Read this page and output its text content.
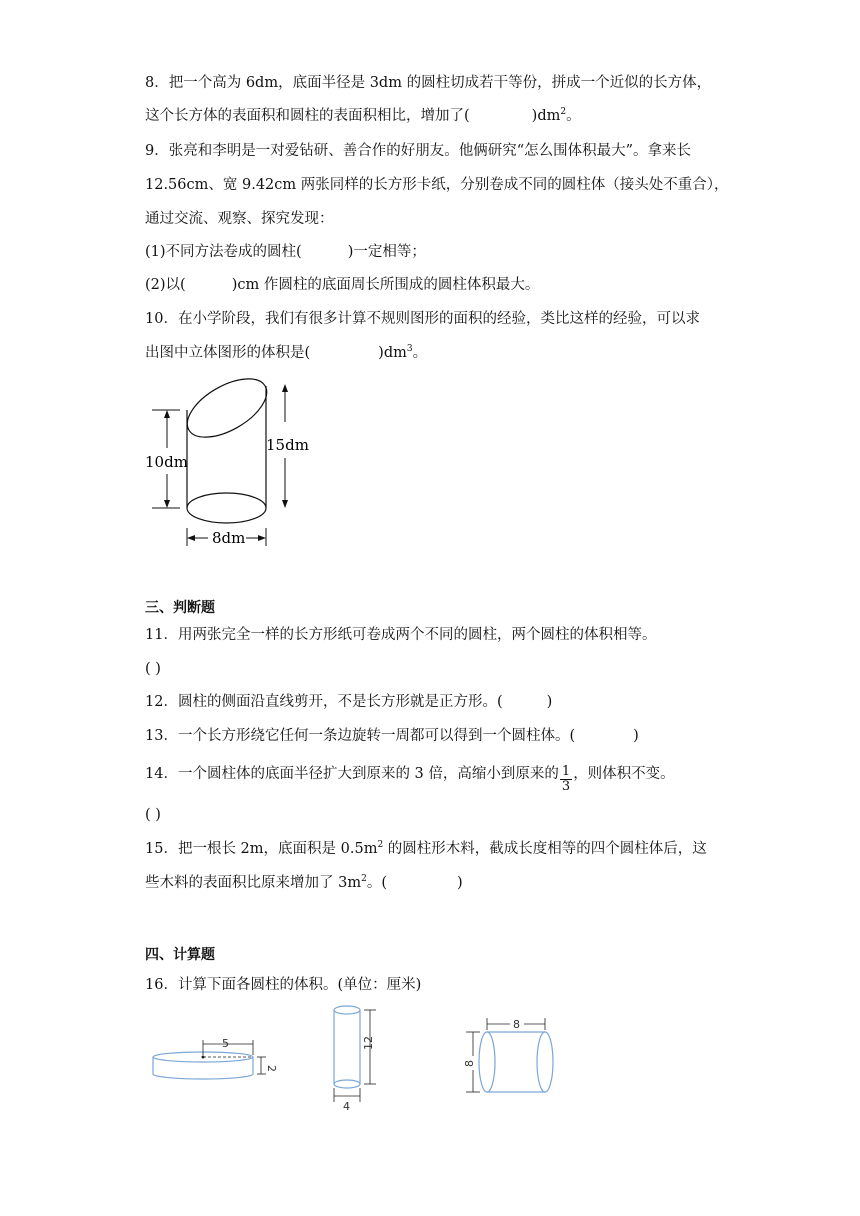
8．把一个高为 6dm，底面半径是 3dm 的圆柱切成若干等份，拼成一个近似的长方体，
这个长方体的表面积和圆柱的表面积相比，增加了(	)$dm^2$。
9．张亮和李明是一对爱钻研、善合作的好朋友。他俩研究“怎么围体积最大”。拿来长
12.56cm、宽 9.42cm 两张同样的长方形卡纸，分别卷成不同的圆柱体（接头处不重合），
通过交流、观察、探究发现：
(1)不同方法卷成的圆柱(	)一定相等；
(2)以(	)cm 作圆柱的底面周长所围成的圆柱体积最大。
10．在小学阶段，我们有很多计算不规则图形的面积的经验，类比这样的经验，可以求
出图中立体图形的体积是(	)$dm^3$。
10dm
15dm
8dm
三、判断题
11．用两张完全一样的长方形纸可卷成两个不同的圆柱，两个圆柱的体积相等。
( )
12．圆柱的侧面沿直线剪开，不是长方形就是正方形。(	)
13．一个长方形绕它任何一条边旋转一周都可以得到一个圆柱体。(	)
14．一个圆柱体的底面半径扩大到原来的 3 倍，高缩小到原来的 $\frac{1}{3}$ ，则体积不变。
( )
15．把一根长 2m，底面积是 $0.5m^2$ 的圆柱形木料，截成长度相等的四个圆柱体后，这
些木料的表面积比原来增加了 $3m^2$。(	)
四、计算题
16．计算下面各圆柱的体积。(单位：厘米)
5
2
12
4
8
8
